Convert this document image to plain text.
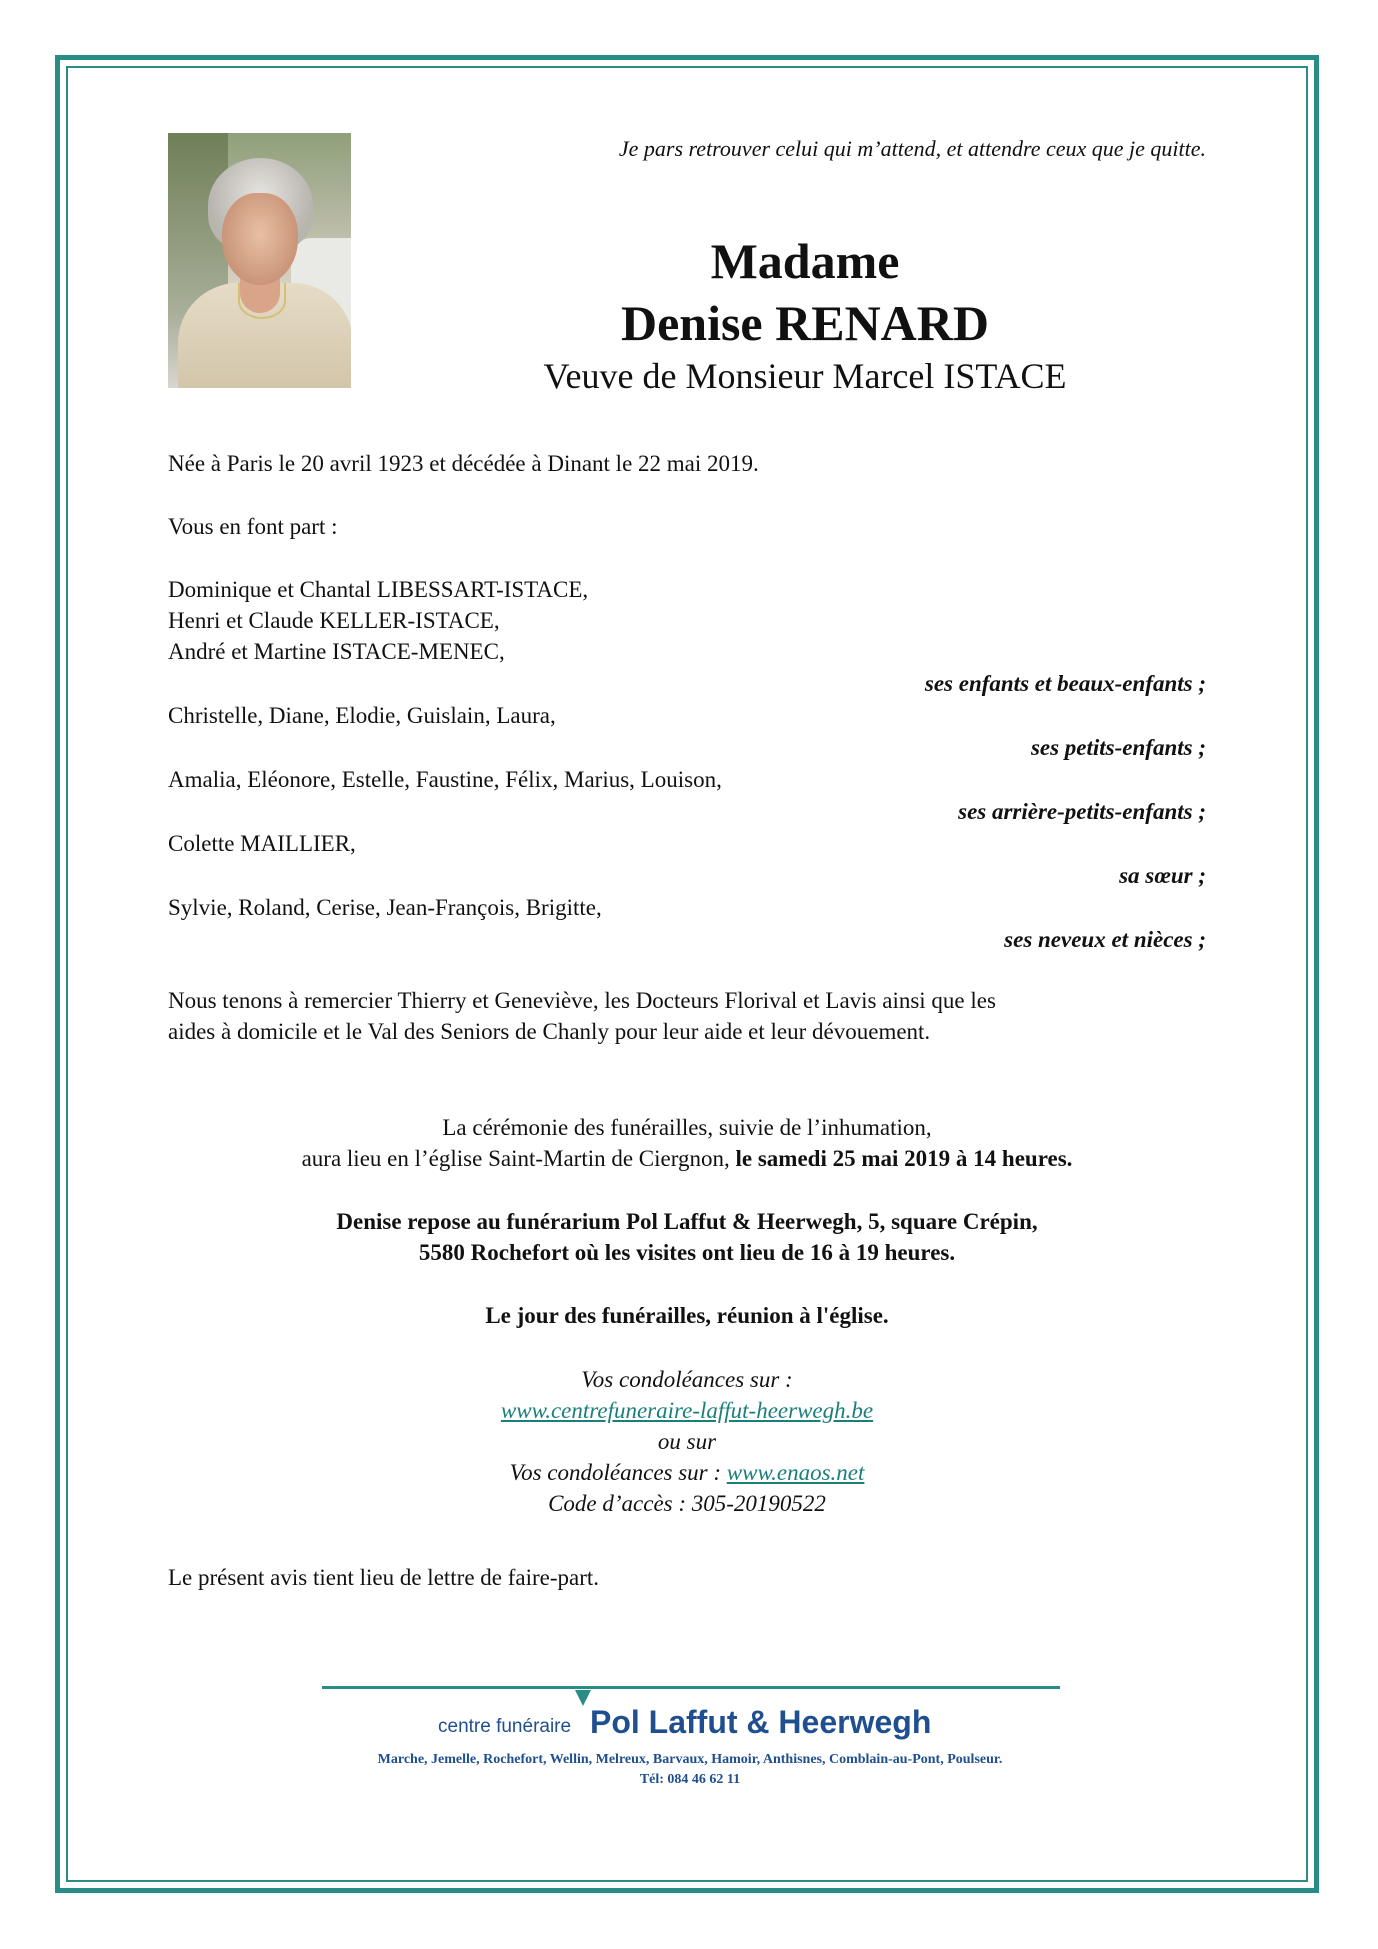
Je pars retrouver celui qui m’attend, et attendre ceux que je quitte.

Madame

Denise RENARD

Veuve de Monsieur Marcel ISTACE

Née à Paris le 20 avril 1923 et décédée à Dinant le 22 mai 2019.

Vous en font part :

Dominique et Chantal LIBESSART-ISTACE,

Henri et Claude KELLER-ISTACE,

André et Martine ISTACE-MENEC,

ses enfants et beaux-enfants ;

Christelle, Diane, Elodie, Guislain, Laura,

ses petits-enfants ;

Amalia, Eléonore, Estelle, Faustine, Félix, Marius, Louison,

ses arrière-petits-enfants ;

Colette MAILLIER,

sa sœur ;

Sylvie, Roland, Cerise, Jean-François, Brigitte,

ses neveux et nièces ;

Nous tenons à remercier Thierry et Geneviève, les Docteurs Florival et Lavis ainsi que les

aides à domicile et le Val des Seniors de Chanly pour leur aide et leur dévouement.

La cérémonie des funérailles, suivie de l’inhumation,

aura lieu en l’église Saint-Martin de Ciergnon, le samedi 25 mai 2019 à 14 heures.

Denise repose au funérarium Pol Laffut & Heerwegh, 5, square Crépin,

5580 Rochefort où les visites ont lieu de 16 à 19 heures.

Le jour des funérailles, réunion à l'église.

Vos condoléances sur :

www.centrefuneraire-laffut-heerwegh.be

ou sur

Vos condoléances sur : www.enaos.net

Code d’accès : 305-20190522

Le présent avis tient lieu de lettre de faire-part.

centre funéraire Pol Laffut & Heerwegh
Marche, Jemelle, Rochefort, Wellin, Melreux, Barvaux, Hamoir, Anthisnes, Comblain-au-Pont, Poulseur.
Tél: 084 46 62 11
